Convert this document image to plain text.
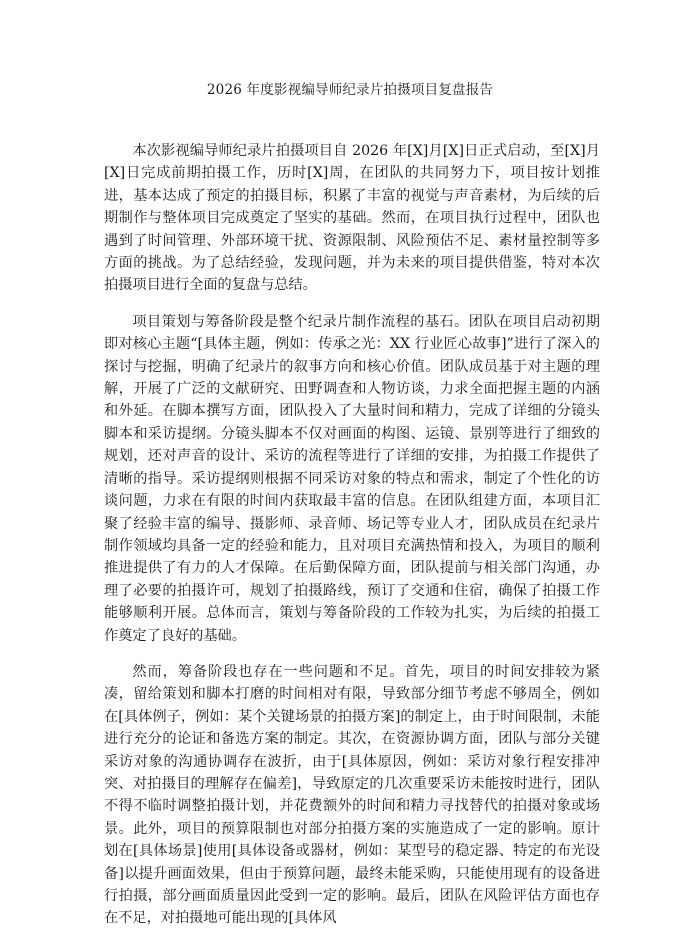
2026 年度影视编导师纪录片拍摄项目复盘报告

本次影视编导师纪录片拍摄项目自 2026 年[X]月[X]日正式启动，至[X]月[X]日完成前期拍摄工作，历时[X]周，在团队的共同努力下，项目按计划推进，基本达成了预定的拍摄目标，积累了丰富的视觉与声音素材，为后续的后期制作与整体项目完成奠定了坚实的基础。然而，在项目执行过程中，团队也遇到了时间管理、外部环境干扰、资源限制、风险预估不足、素材量控制等多方面的挑战。为了总结经验，发现问题，并为未来的项目提供借鉴，特对本次拍摄项目进行全面的复盘与总结。

项目策划与筹备阶段是整个纪录片制作流程的基石。团队在项目启动初期即对核心主题“[具体主题，例如：传承之光：XX 行业匠心故事]”进行了深入的探讨与挖掘，明确了纪录片的叙事方向和核心价值。团队成员基于对主题的理解，开展了广泛的文献研究、田野调查和人物访谈，力求全面把握主题的内涵和外延。在脚本撰写方面，团队投入了大量时间和精力，完成了详细的分镜头脚本和采访提纲。分镜头脚本不仅对画面的构图、运镜、景别等进行了细致的规划，还对声音的设计、采访的流程等进行了详细的安排，为拍摄工作提供了清晰的指导。采访提纲则根据不同采访对象的特点和需求，制定了个性化的访谈问题，力求在有限的时间内获取最丰富的信息。在团队组建方面，本项目汇聚了经验丰富的编导、摄影师、录音师、场记等专业人才，团队成员在纪录片制作领域均具备一定的经验和能力，且对项目充满热情和投入，为项目的顺利推进提供了有力的人才保障。在后勤保障方面，团队提前与相关部门沟通，办理了必要的拍摄许可，规划了拍摄路线，预订了交通和住宿，确保了拍摄工作能够顺利开展。总体而言，策划与筹备阶段的工作较为扎实，为后续的拍摄工作奠定了良好的基础。

然而，筹备阶段也存在一些问题和不足。首先，项目的时间安排较为紧凑，留给策划和脚本打磨的时间相对有限，导致部分细节考虑不够周全，例如在[具体例子，例如：某个关键场景的拍摄方案]的制定上，由于时间限制，未能进行充分的论证和备选方案的制定。其次，在资源协调方面，团队与部分关键采访对象的沟通协调存在波折，由于[具体原因，例如：采访对象行程安排冲突、对拍摄目的理解存在偏差]，导致原定的几次重要采访未能按时进行，团队不得不临时调整拍摄计划，并花费额外的时间和精力寻找替代的拍摄对象或场景。此外，项目的预算限制也对部分拍摄方案的实施造成了一定的影响。原计划在[具体场景]使用[具体设备或器材，例如：某型号的稳定器、特定的布光设备]以提升画面效果，但由于预算问题，最终未能采购，只能使用现有的设备进行拍摄，部分画面质量因此受到一定的影响。最后，团队在风险评估方面也存在不足，对拍摄地可能出现的[具体风
